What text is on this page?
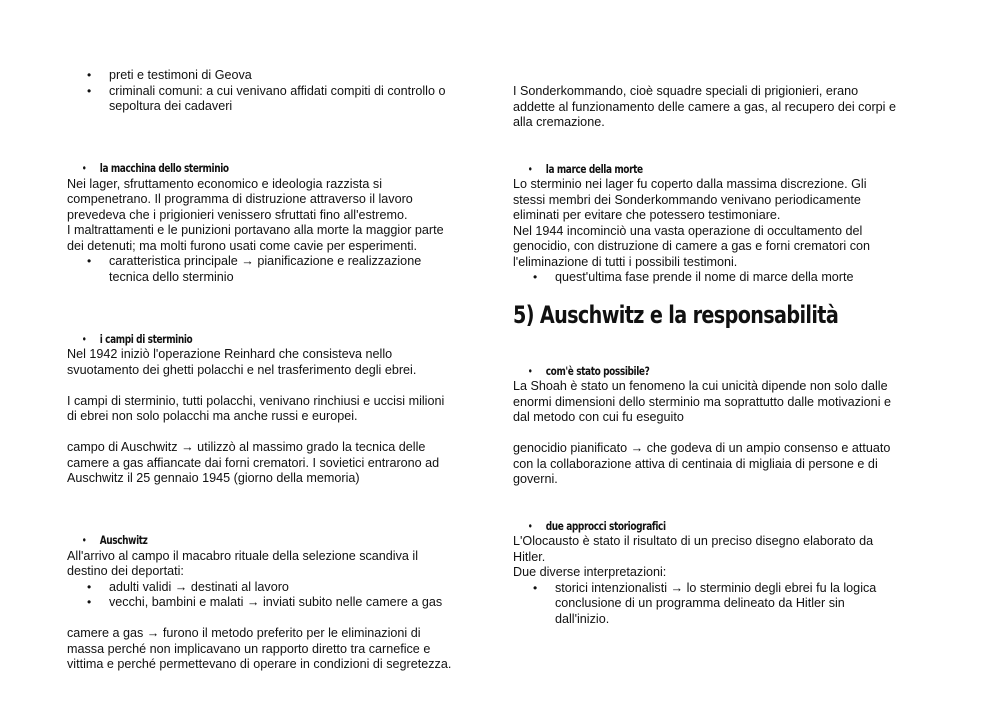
• preti e testimoni di Geova
• criminali comuni: a cui venivano affidati compiti di controllo o sepoltura dei cadaveri
• la macchina dello sterminio

Nei lager, sfruttamento economico e ideologia razzista si

compenetrano. Il programma di distruzione attraverso il lavoro

prevedeva che i prigionieri venissero sfruttati fino all'estremo.

I maltrattamenti e le punizioni portavano alla morte la maggior parte

dei detenuti; ma molti furono usati come cavie per esperimenti.

• caratteristica principale → pianificazione e realizzazione tecnica dello sterminio
• i campi di sterminio

Nel 1942 iniziò l'operazione Reinhard che consisteva nello

svuotamento dei ghetti polacchi e nel trasferimento degli ebrei.

I campi di sterminio, tutti polacchi, venivano rinchiusi e uccisi milioni

di ebrei non solo polacchi ma anche russi e europei.

campo di Auschwitz → utilizzò al massimo grado la tecnica delle

camere a gas affiancate dai forni crematori. I sovietici entrarono ad

Auschwitz il 25 gennaio 1945 (giorno della memoria)

• Auschwitz

All'arrivo al campo il macabro rituale della selezione scandiva il

destino dei deportati:

• adulti validi → destinati al lavoro
• vecchi, bambini e malati → inviati subito nelle camere a gas

camere a gas → furono il metodo preferito per le eliminazioni di

massa perché non implicavano un rapporto diretto tra carnefice e

vittima e perché permettevano di operare in condizioni di segretezza.

I Sonderkommando, cioè squadre speciali di prigionieri, erano

addette al funzionamento delle camere a gas, al recupero dei corpi e

alla cremazione.

• la marce della morte

Lo sterminio nei lager fu coperto dalla massima discrezione. Gli

stessi membri dei Sonderkommando venivano periodicamente

eliminati per evitare che potessero testimoniare.

Nel 1944 incominciò una vasta operazione di occultamento del

genocidio, con distruzione di camere a gas e forni crematori con

l'eliminazione di tutti i possibili testimoni.

• quest'ultima fase prende il nome di marce della morte
5) Auschwitz e la responsabilità
• com'è stato possibile?

La Shoah è stato un fenomeno la cui unicità dipende non solo dalle

enormi dimensioni dello sterminio ma soprattutto dalle motivazioni e

dal metodo con cui fu eseguito

genocidio pianificato → che godeva di un ampio consenso e attuato

con la collaborazione attiva di centinaia di migliaia di persone e di

governi.

• due approcci storiografici

L'Olocausto è stato il risultato di un preciso disegno elaborato da

Hitler.

Due diverse interpretazioni:

• storici intenzionalisti → lo sterminio degli ebrei fu la logica conclusione di un programma delineato da Hitler sin dall'inizio.
